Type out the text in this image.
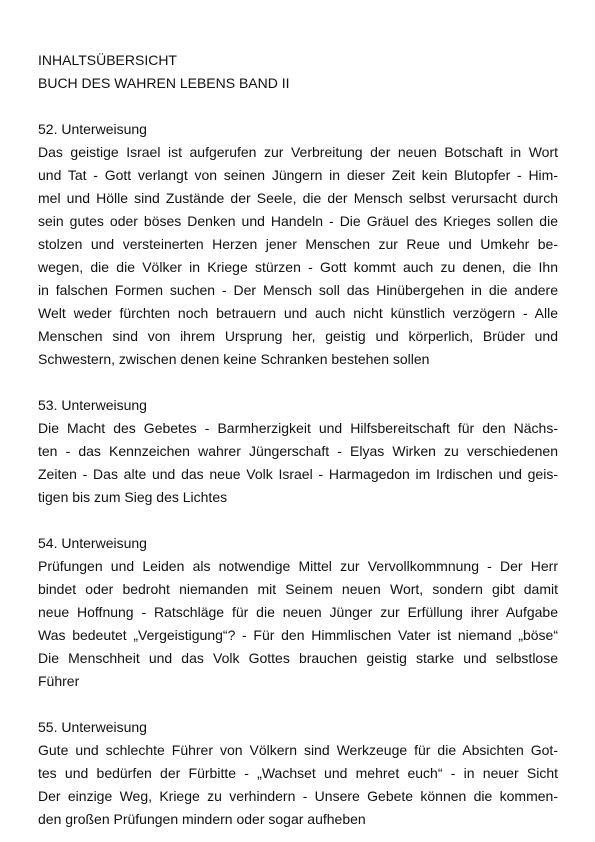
INHALTSÜBERSICHT
BUCH DES WAHREN LEBENS BAND II
52. Unterweisung
Das geistige Israel ist aufgerufen zur Verbreitung der neuen Botschaft in Wort
und Tat - Gott verlangt von seinen Jüngern in dieser Zeit kein Blutopfer - Him-
mel und Hölle sind Zustände der Seele, die der Mensch selbst verursacht durch
sein gutes oder böses Denken und Handeln - Die Gräuel des Krieges sollen die
stolzen und versteinerten Herzen jener Menschen zur Reue und Umkehr be-
wegen, die die Völker in Kriege stürzen - Gott kommt auch zu denen, die Ihn
in falschen Formen suchen - Der Mensch soll das Hinübergehen in die andere
Welt weder fürchten noch betrauern und auch nicht künstlich verzögern - Alle
Menschen sind von ihrem Ursprung her, geistig und körperlich, Brüder und
Schwestern, zwischen denen keine Schranken bestehen sollen
53. Unterweisung
Die Macht des Gebetes - Barmherzigkeit und Hilfsbereitschaft für den Nächs-
ten - das Kennzeichen wahrer Jüngerschaft - Elyas Wirken zu verschiedenen
Zeiten - Das alte und das neue Volk Israel - Harmagedon im Irdischen und geis-
tigen bis zum Sieg des Lichtes
54. Unterweisung
Prüfungen und Leiden als notwendige Mittel zur Vervollkommnung - Der Herr
bindet oder bedroht niemanden mit Seinem neuen Wort, sondern gibt damit
neue Hoffnung - Ratschläge für die neuen Jünger zur Erfüllung ihrer Aufgabe
Was bedeutet „Vergeistigung“? - Für den Himmlischen Vater ist niemand „böse“
Die Menschheit und das Volk Gottes brauchen geistig starke und selbstlose
Führer
55. Unterweisung
Gute und schlechte Führer von Völkern sind Werkzeuge für die Absichten Got-
tes und bedürfen der Fürbitte - „Wachset und mehret euch“ - in neuer Sicht
Der einzige Weg, Kriege zu verhindern - Unsere Gebete können die kommen-
den großen Prüfungen mindern oder sogar aufheben
